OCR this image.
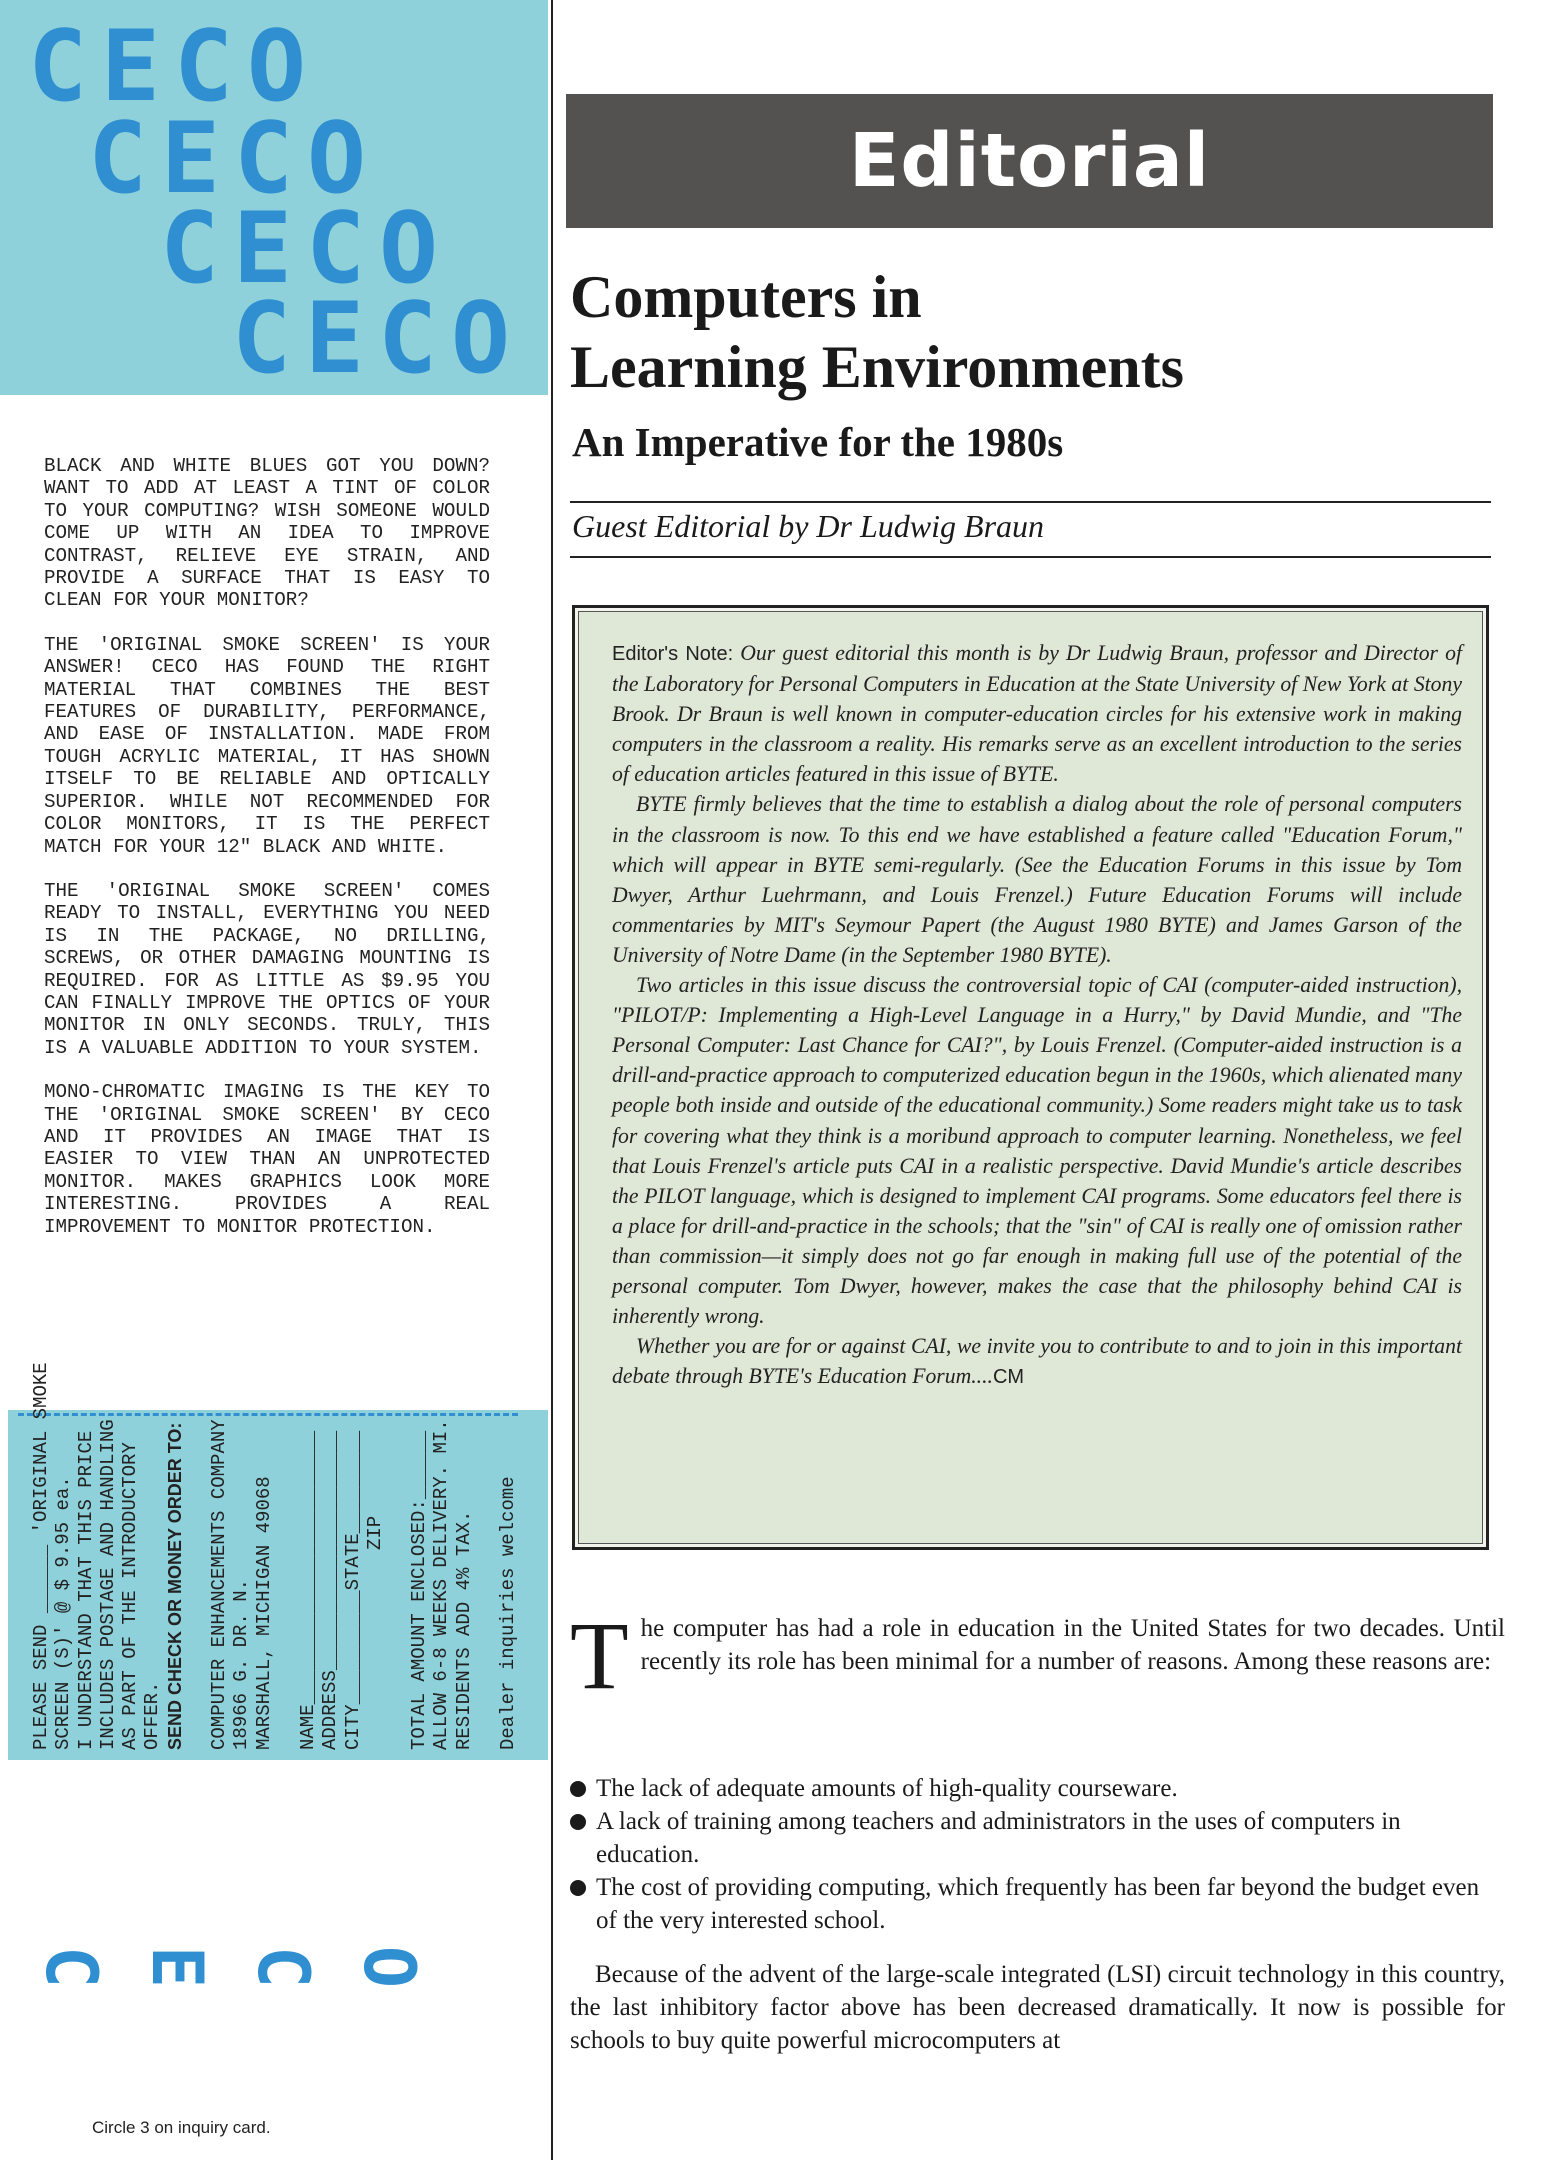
CECO
CECO
CECO
CECO

BLACK AND WHITE BLUES GOT YOU DOWN? WANT TO ADD AT LEAST A TINT OF COLOR TO YOUR COMPUTING? WISH SOMEONE WOULD COME UP WITH AN IDEA TO IMPROVE CONTRAST, RELIEVE EYE STRAIN, AND PROVIDE A SURFACE THAT IS EASY TO CLEAN FOR YOUR MONITOR?

THE 'ORIGINAL SMOKE SCREEN' IS YOUR ANSWER! CECO HAS FOUND THE RIGHT MATERIAL THAT COMBINES THE BEST FEATURES OF DURABILITY, PERFORMANCE, AND EASE OF INSTALLATION. MADE FROM TOUGH ACRYLIC MATERIAL, IT HAS SHOWN ITSELF TO BE RELIABLE AND OPTICALLY SUPERIOR. WHILE NOT RECOMMENDED FOR COLOR MONITORS, IT IS THE PERFECT MATCH FOR YOUR 12" BLACK AND WHITE.

THE 'ORIGINAL SMOKE SCREEN' COMES READY TO INSTALL, EVERYTHING YOU NEED IS IN THE PACKAGE, NO DRILLING, SCREWS, OR OTHER DAMAGING MOUNTING IS REQUIRED. FOR AS LITTLE AS $9.95 YOU CAN FINALLY IMPROVE THE OPTICS OF YOUR MONITOR IN ONLY SECONDS. TRULY, THIS IS A VALUABLE ADDITION TO YOUR SYSTEM.

MONO-CHROMATIC IMAGING IS THE KEY TO THE 'ORIGINAL SMOKE SCREEN' BY CECO AND IT PROVIDES AN IMAGE THAT IS EASIER TO VIEW THAN AN UNPROTECTED MONITOR. MAKES GRAPHICS LOOK MORE INTERESTING. PROVIDES A REAL IMPROVEMENT TO MONITOR PROTECTION.

PLEASE SEND ______ 'ORIGINAL SMOKE SCREEN (S)' @ $ 9.95 ea. I UNDERSTAND THAT THIS PRICE INCLUDES POSTAGE AND HANDLING AS PART OF THE INTRODUCTORY OFFER. SEND CHECK OR MONEY ORDER TO: COMPUTER ENHANCEMENTS COMPANY 18966 G. DR. N. MARSHALL, MICHIGAN 49068 NAME________________________ ADDRESS_____________________ CITY__________STATE_________ ZIP TOTAL AMOUNT ENCLOSED:______ ALLOW 6-8 WEEKS DELIVERY. MI. RESIDENTS ADD 4% TAX. Dealer inquiries welcome
C E C O
Circle 3 on inquiry card.
Editorial
Computers in
Learning Environments
An Imperative for the 1980s
Guest Editorial by Dr Ludwig Braun

Editor's Note: Our guest editorial this month is by Dr Ludwig Braun, professor and Director of the Laboratory for Personal Computers in Education at the State University of New York at Stony Brook. Dr Braun is well known in computer-education circles for his extensive work in making computers in the classroom a reality. His remarks serve as an excellent introduction to the series of education articles featured in this issue of BYTE.

BYTE firmly believes that the time to establish a dialog about the role of personal computers in the classroom is now. To this end we have established a feature called "Education Forum," which will appear in BYTE semi-regularly. (See the Education Forums in this issue by Tom Dwyer, Arthur Luehrmann, and Louis Frenzel.) Future Education Forums will include commentaries by MIT's Seymour Papert (the August 1980 BYTE) and James Garson of the University of Notre Dame (in the September 1980 BYTE).

Two articles in this issue discuss the controversial topic of CAI (computer-aided instruction), "PILOT/P: Implementing a High-Level Language in a Hurry," by David Mundie, and "The Personal Computer: Last Chance for CAI?", by Louis Frenzel. (Computer-aided instruction is a drill-and-practice approach to computerized education begun in the 1960s, which alienated many people both inside and outside of the educational community.) Some readers might take us to task for covering what they think is a moribund approach to computer learning. Nonetheless, we feel that Louis Frenzel's article puts CAI in a realistic perspective. David Mundie's article describes the PILOT language, which is designed to implement CAI programs. Some educators feel there is a place for drill-and-practice in the schools; that the "sin" of CAI is really one of omission rather than commission—it simply does not go far enough in making full use of the potential of the personal computer. Tom Dwyer, however, makes the case that the philosophy behind CAI is inherently wrong.

Whether you are for or against CAI, we invite you to contribute to and to join in this important debate through BYTE's Education Forum....CM

The computer has had a role in education in the United States for two decades. Until recently its role has been minimal for a number of reasons. Among these reasons are:
The lack of adequate amounts of high-quality courseware.
A lack of training among teachers and administrators in the uses of computers in education.
The cost of providing computing, which frequently has been far beyond the budget even of the very interested school.
Because of the advent of the large-scale integrated (LSI) circuit technology in this country, the last inhibitory factor above has been decreased dramatically. It now is possible for schools to buy quite powerful microcomputers at
